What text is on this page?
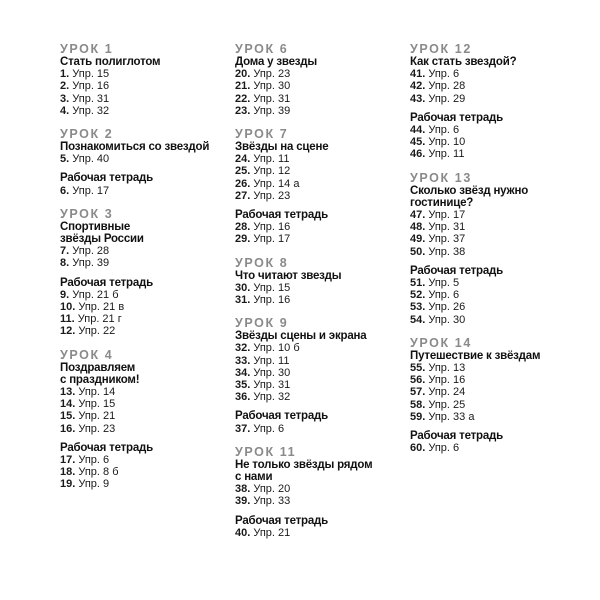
УРОК 1
Стать полиглотом
1. Упр. 15
2. Упр. 16
3. Упр. 31
4. Упр. 32
УРОК 2
Познакомиться со звездой
5. Упр. 40
Рабочая тетрадь
6. Упр. 17
УРОК 3
Спортивные
звёзды России
7. Упр. 28
8. Упр. 39
Рабочая тетрадь
9. Упр. 21 б
10. Упр. 21 в
11. Упр. 21 г
12. Упр. 22
УРОК 4
Поздравляем
с праздником!
13. Упр. 14
14. Упр. 15
15. Упр. 21
16. Упр. 23
Рабочая тетрадь
17. Упр. 6
18. Упр. 8 б
19. Упр. 9
УРОК 6
Дома у звезды
20. Упр. 23
21. Упр. 30
22. Упр. 31
23. Упр. 39
УРОК 7
Звёзды на сцене
24. Упр. 11
25. Упр. 12
26. Упр. 14 а
27. Упр. 23
Рабочая тетрадь
28. Упр. 16
29. Упр. 17
УРОК 8
Что читают звезды
30. Упр. 15
31. Упр. 16
УРОК 9
Звёзды сцены и экрана
32. Упр. 10 б
33. Упр. 11
34. Упр. 30
35. Упр. 31
36. Упр. 32
Рабочая тетрадь
37. Упр. 6
УРОК 11
Не только звёзды рядом
с нами
38. Упр. 20
39. Упр. 33
Рабочая тетрадь
40. Упр. 21
УРОК 12
Как стать звездой?
41. Упр. 6
42. Упр. 28
43. Упр. 29
Рабочая тетрадь
44. Упр. 6
45. Упр. 10
46. Упр. 11
УРОК 13
Сколько звёзд нужно
гостинице?
47. Упр. 17
48. Упр. 31
49. Упр. 37
50. Упр. 38
Рабочая тетрадь
51. Упр. 5
52. Упр. 6
53. Упр. 26
54. Упр. 30
УРОК 14
Путешествие к звёздам
55. Упр. 13
56. Упр. 16
57. Упр. 24
58. Упр. 25
59. Упр. 33 а
Рабочая тетрадь
60. Упр. 6
